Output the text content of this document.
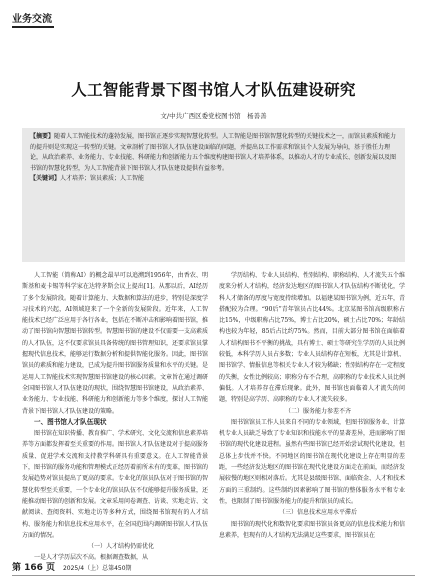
业务交流
人工智能背景下图书馆人才队伍建设研究
文/中共广西区委党校图书馆　杨善善
【摘要】随着人工智能技术的蓬勃发展，图书馆正逐步实现智慧化转型。人工智能是图书馆智慧化转型的关键技术之一，而馆员素质和能力的提升则是实现这一转型的关键。文章剖析了图书馆人才队伍建设面临的问题，并提出以工作需求和馆员个人发展为导向，基于胜任力理论，从政治素养、业务能力、专业技能、科研能力和创新能力五个维度构建图书馆人才培养体系，以推动人才的专业成长、创新发展以及图书馆的智慧化转型，为人工智能背景下图书馆人才队伍建设提供有益参考。
【关键词】人才培养；馆员素质；人工智能

人工智能（简称AI）的概念最早可以追溯到1956年，由香农、明斯基和麦卡锡等科学家在达特茅斯会议上提出[1]。从那以后，AI经历了多个发展阶段。随着计算能力、大数据和算法的进步，特别是深度学习技术的兴起，AI领域迎来了一个全新的发展阶段。近年来，人工智能技术已经广泛应用于各行各业，包括在不断冲击和影响着图书馆，推动了图书馆向智慧图书馆转型。智慧图书馆的建设不仅需要一支高素质的人才队伍，这不仅要求馆员具备传统的图书管理知识，还要求馆员掌握现代信息技术，能够运行数据分析和提供智能化服务。因此，图书馆馆员的素质和能力建设，已成为提升图书馆服务质量和水平的关键。是运用人工智能技术实现智慧图书馆建设的核心因素。文章旨在通过调研全国图书馆人才队伍建设的现状，围绕智慧图书馆建设，从政治素养、业务能力、专业技能、科研能力和创新能力等多个维度，探讨人工智能背景下图书馆人才队伍建设的策略。

一、图书馆人才队伍现状

图书馆在知识传播、教育推广、学术研究、文化交流和信息素养培养等方面都发挥着至关重要的作用。图书馆人才队伍建设对于提高服务质量、促进学术交流和支持教学科研具有重要意义。在人工智能背景下，图书馆的服务功能和管理模式正经历着前所未有的变革，图书馆的发展趋势对馆员提出了更高的要求。专业化的馆员队伍对于图书馆的智慧化转型至关重要，一个专业化的馆员队伍不仅能够提升服务质量，还能推动图书馆的创新和发展。文章采用问卷调查、访谈、实地走访、文献阅读、查阅资料、实地走访等多种方式，围绕图书馆现有的人才结构、服务能力和信息技术应用水平，在全国范围内调研图书馆人才队伍方面的情况。

（一）人才结构仍需优化

一是人才学历层次不高。根据调查数据，从

学历结构、专业人员结构、性别结构、职称结构、人才流失五个维度来分析人才结构，经济发达地区的图书馆人才队伍结构不断优化，学科人才储备的厚度与宽度持续增加。以福建某图书馆为例，近五年，青搭配较为合理。“90后”青年馆员占比44%。北京某图书馆高级职称占比15%，中级职称占比75%，博士占比20%，硕士占比70%；年龄结构也较为年轻，85后占比约75%。然而，目前大部分图书馆在面临着人才结构图书不平衡的挑战，具有博士、硕士等研究生学历的人员比例较低，本科学历人员占多数；专业人员结构存在短板，尤其是计算机、图书馆学、情报信息等相关专业人才较为稀缺；性别结构存在一定程度的失衡，女性比例较高；职称分布不合理，高职称的专业技术人员比例偏低。人才培养存在滞后现象。此外，图书馆也面临着人才流失的问题，特别是高学历、高职称的专业人才流失较多。

（二）服务能力参差不齐

图书馆馆员工作人员来自不同的专业领域，但图书馆服务业、计算机专业人员缺乏导致了专业知识和技能水平的显著差异，进而影响了图书馆的现代化建设进程。虽然有些图书馆已经开始尝试现代化建设，但总体上步伐并不快。不同地区的图书馆在现代化建设上存在明显的差距，一些经济发达地区的图书馆在现代化建设方面走在前面，而经济发展较慢的地区则相对落后。尤其是县级图书馆、面临资金、人才和技术方面的三重制约。这些制约因素影响了图书馆的整体服务水平和专业性，也限制了图书馆服务能力的提升和馆员的成长。

（三）信息技术应用水平滞后

图书馆的现代化和数智化要求图书馆员备更高的信息技术能力和信息素养，但现有的人才结构无法满足这些要求，图书馆员在

第 166 页 2025/4（上）总第450期
